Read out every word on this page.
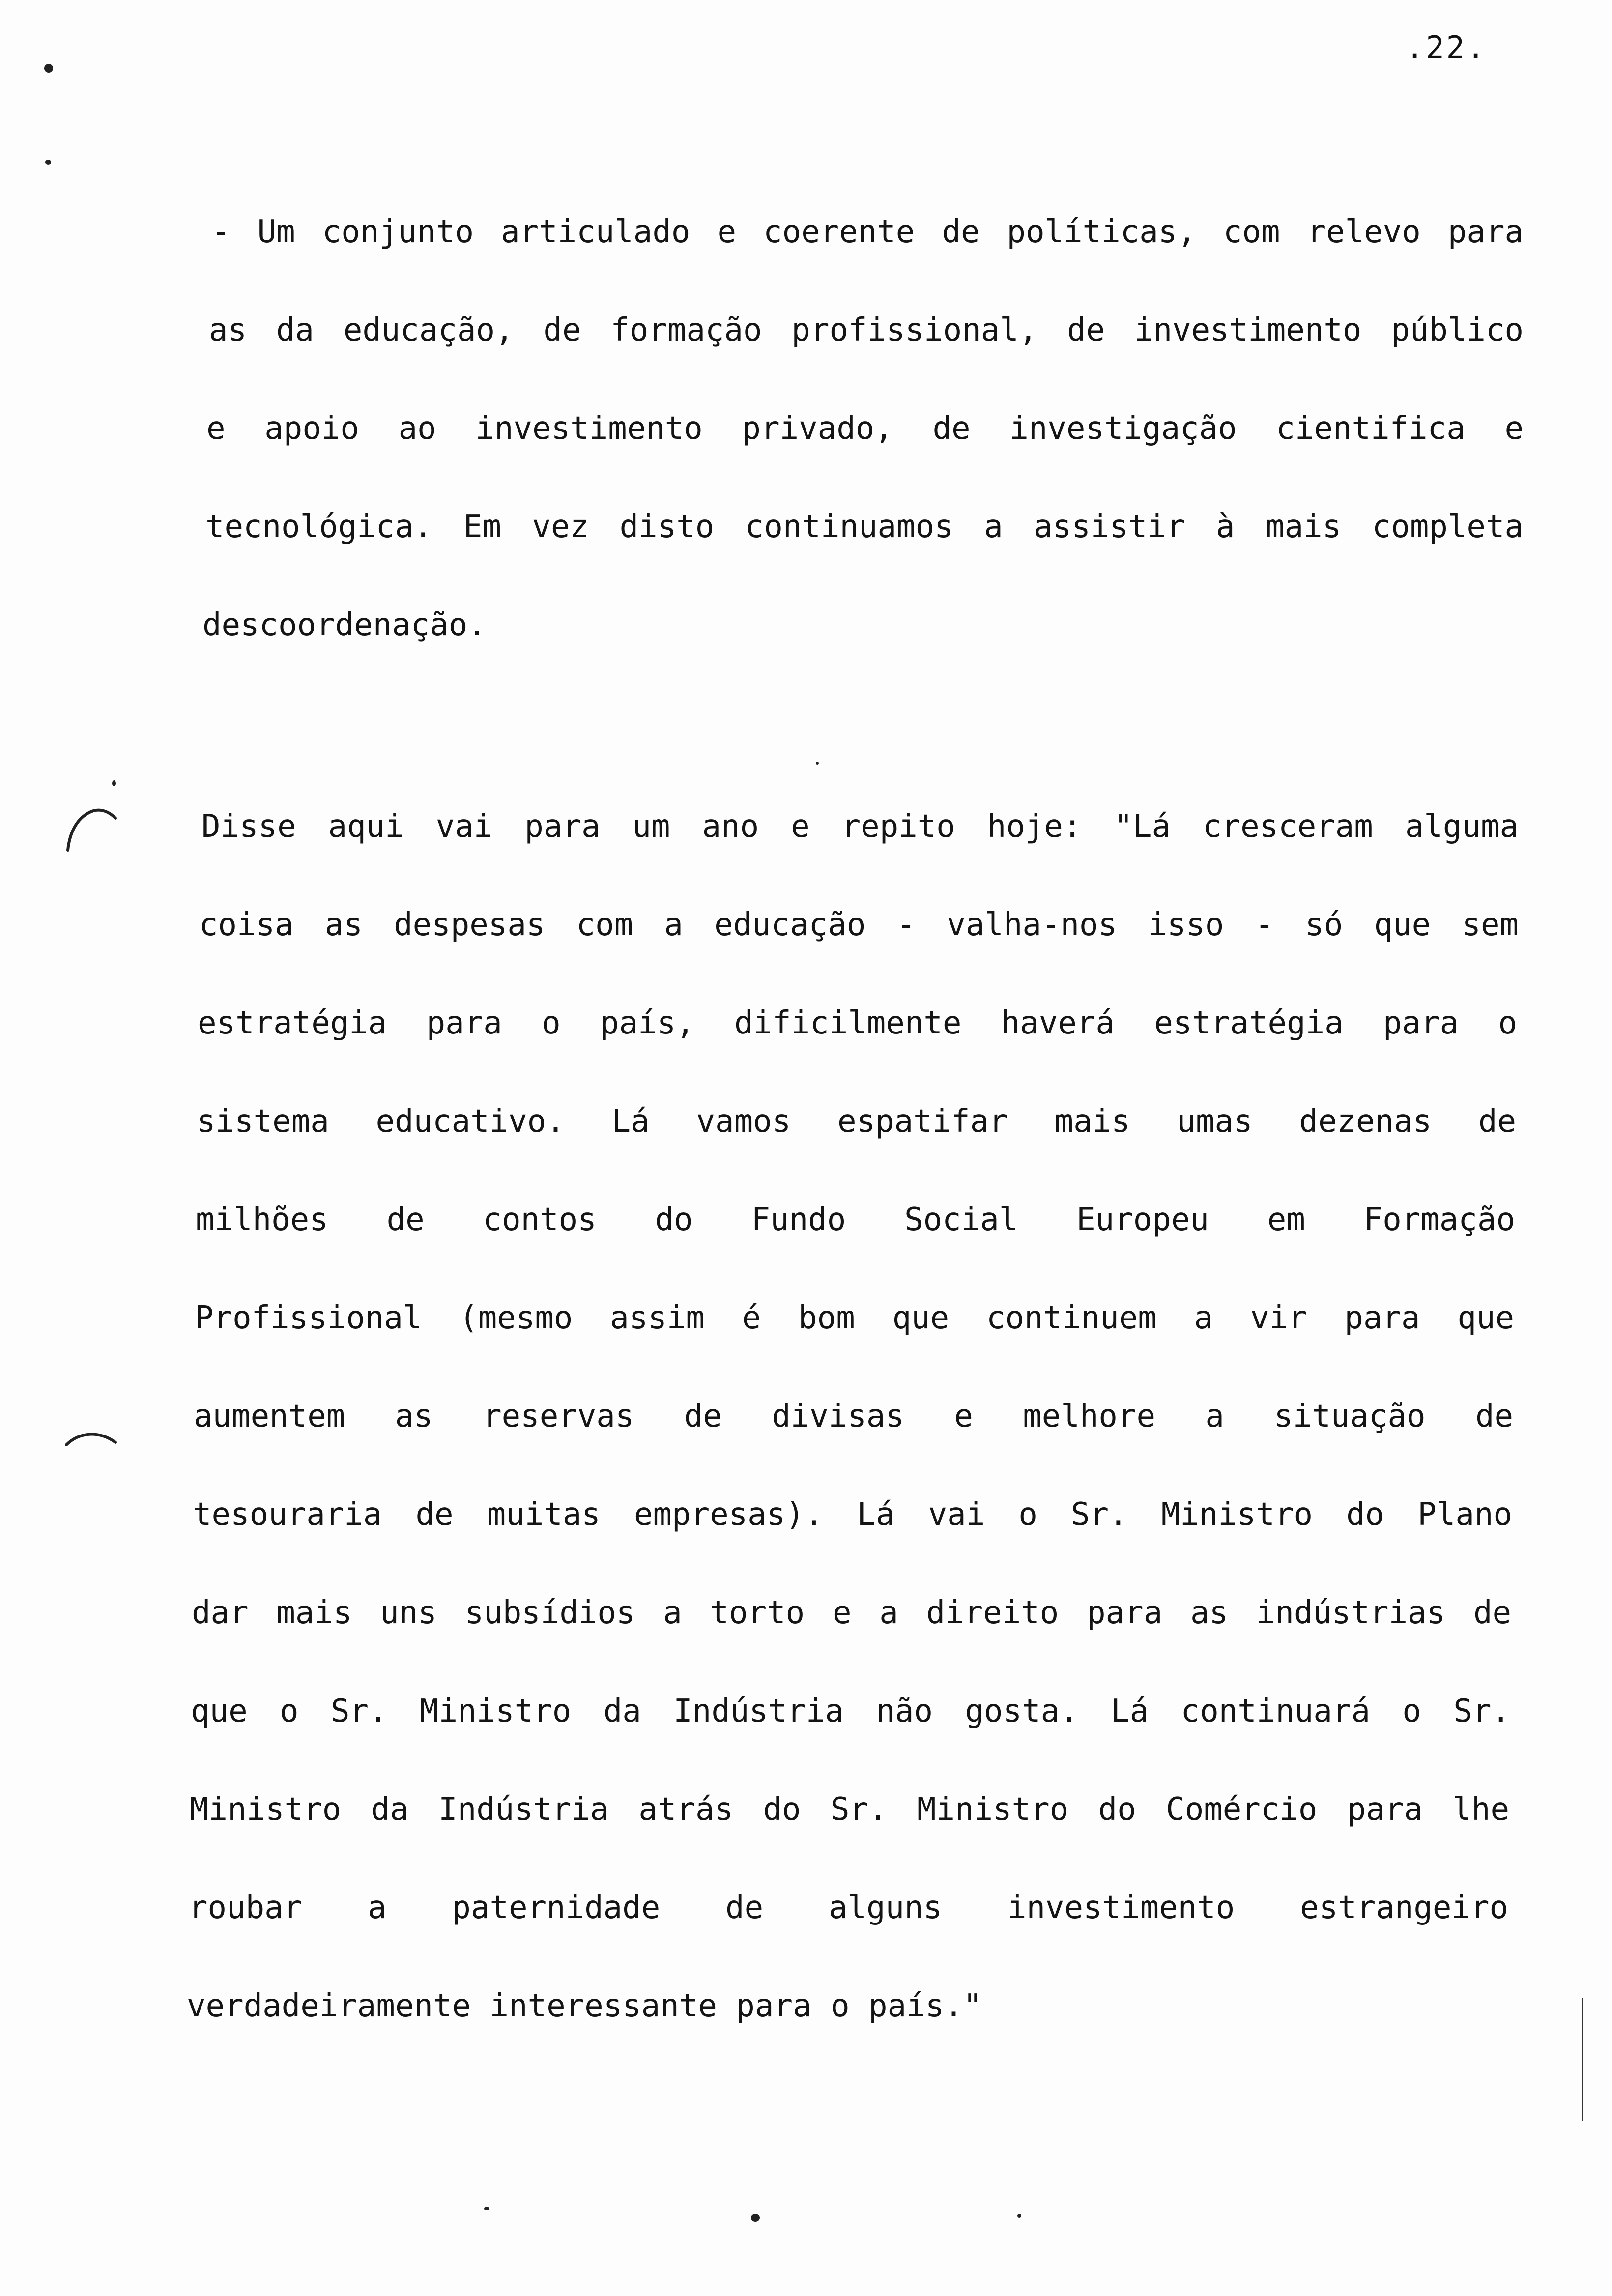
.22.
- Um conjunto articulado e coerente de políticas, com relevo para
as da educação, de formação profissional, de investimento público
e apoio ao investimento privado, de investigação cientifica e
tecnológica. Em vez disto continuamos a assistir à mais completa
descoordenação.
Disse aqui vai para um ano e repito hoje: "Lá cresceram alguma
coisa as despesas com a educação - valha-nos isso - só que sem
estratégia para o país, dificilmente haverá estratégia para o
sistema educativo. Lá vamos espatifar mais umas dezenas de
milhões de contos do Fundo Social Europeu em Formação
Profissional (mesmo assim é bom que continuem a vir para que
aumentem as reservas de divisas e melhore a situação de
tesouraria de muitas empresas). Lá vai o Sr. Ministro do Plano
dar mais uns subsídios a torto e a direito para as indústrias de
que o Sr. Ministro da Indústria não gosta. Lá continuará o Sr.
Ministro da Indústria atrás do Sr. Ministro do Comércio para lhe
roubar a paternidade de alguns investimento estrangeiro
verdadeiramente interessante para o país."
